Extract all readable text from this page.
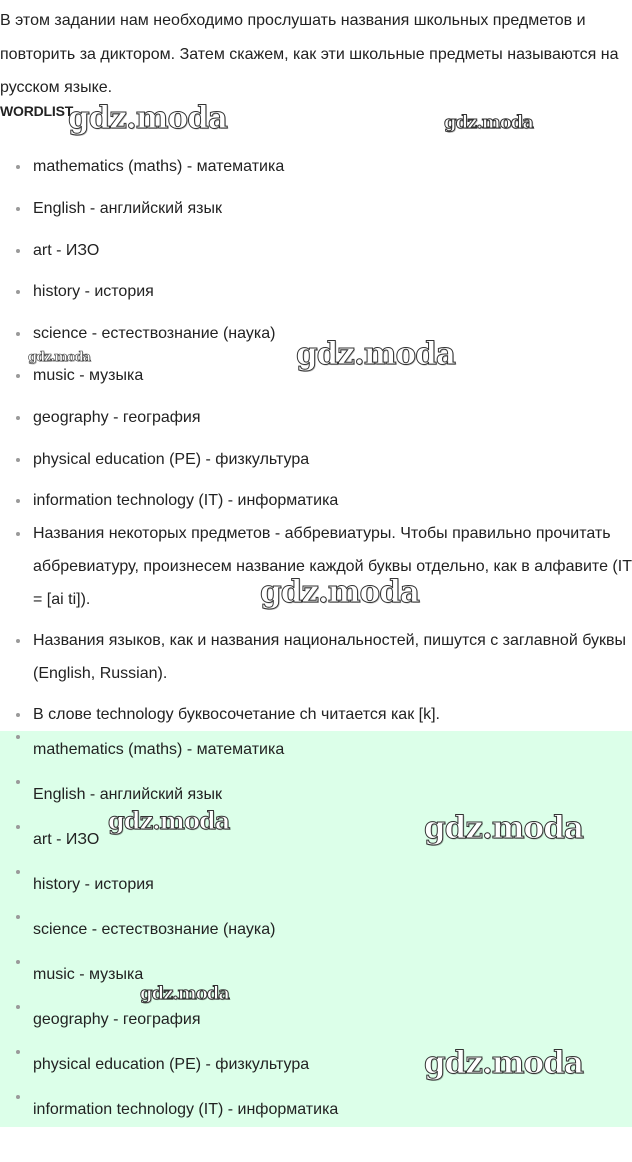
В этом задании нам необходимо прослушать названия школьных предметов и повторить за диктором. Затем скажем, как эти школьные предметы называются на русском языке.

WORDLIST
mathematics (maths) - математика
English - английский язык
art - ИЗО
history - история
science - естествознание (наука)
music - музыка
geography - география
physical education (PE) - физкультура
information technology (IT) - информатика
Названия некоторых предметов - аббревиатуры. Чтобы правильно прочитать аббревиатуру, произнесем название каждой буквы отдельно, как в алфавите (IT = [ai ti]).
Названия языков, как и названия национальностей, пишутся с заглавной буквы (English, Russian).
В слове technology буквосочетание ch читается как [k].
mathematics (maths) - математика
English - английский язык
art - ИЗО
history - история
science - естествознание (наука)
music - музыка
geography - география
physical education (PE) - физкультура
information technology (IT) - информатика
gdz.moda	gdz.moda
gdz.moda	gdz.moda
gdz.moda
gdz.moda	gdz.moda
gdz.moda
gdz.moda
